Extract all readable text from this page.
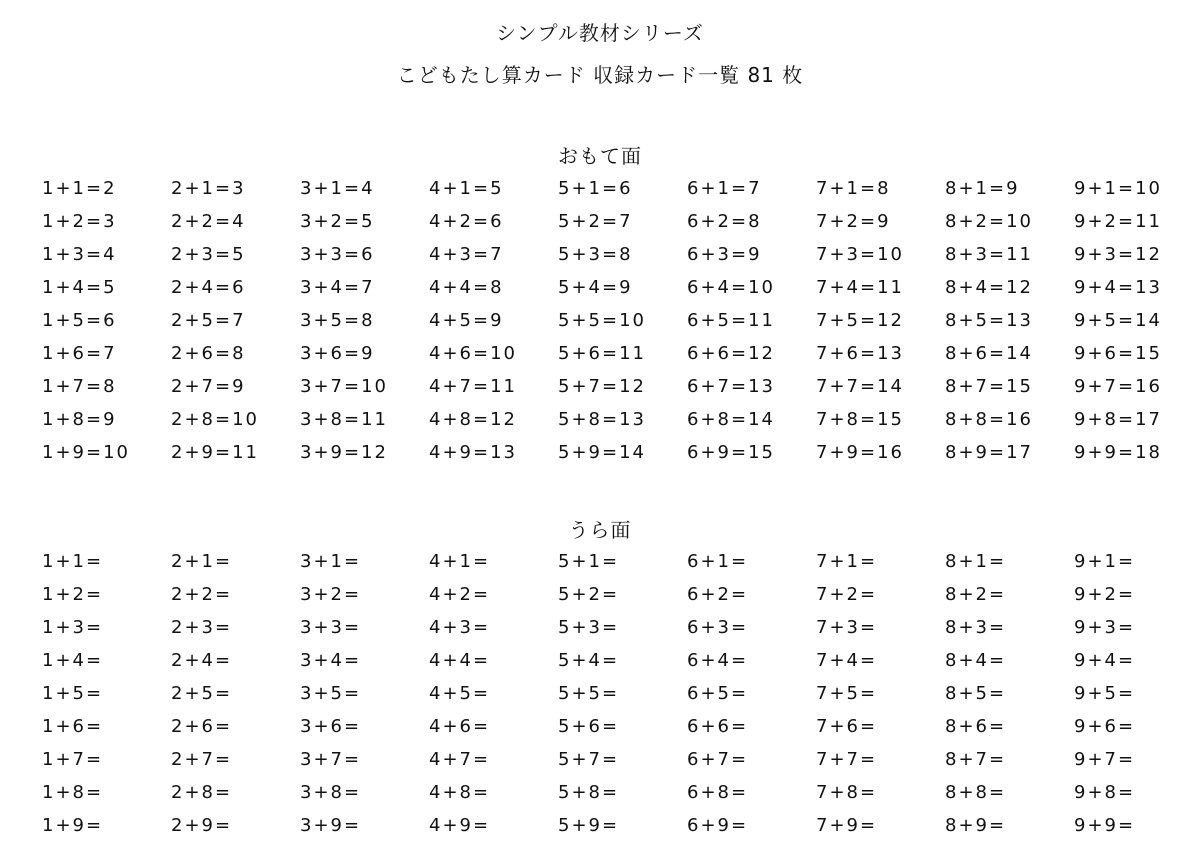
シンプル教材シリーズ
こどもたし算カード 収録カード一覧 81 枚
おもて面
1+1=2	2+1=3	3+1=4	4+1=5	5+1=6	6+1=7	7+1=8	8+1=9	9+1=10
1+2=3	2+2=4	3+2=5	4+2=6	5+2=7	6+2=8	7+2=9	8+2=10	9+2=11
1+3=4	2+3=5	3+3=6	4+3=7	5+3=8	6+3=9	7+3=10	8+3=11	9+3=12
1+4=5	2+4=6	3+4=7	4+4=8	5+4=9	6+4=10	7+4=11	8+4=12	9+4=13
1+5=6	2+5=7	3+5=8	4+5=9	5+5=10	6+5=11	7+5=12	8+5=13	9+5=14
1+6=7	2+6=8	3+6=9	4+6=10	5+6=11	6+6=12	7+6=13	8+6=14	9+6=15
1+7=8	2+7=9	3+7=10	4+7=11	5+7=12	6+7=13	7+7=14	8+7=15	9+7=16
1+8=9	2+8=10	3+8=11	4+8=12	5+8=13	6+8=14	7+8=15	8+8=16	9+8=17
1+9=10	2+9=11	3+9=12	4+9=13	5+9=14	6+9=15	7+9=16	8+9=17	9+9=18
うら面
1+1=	2+1=	3+1=	4+1=	5+1=	6+1=	7+1=	8+1=	9+1=
1+2=	2+2=	3+2=	4+2=	5+2=	6+2=	7+2=	8+2=	9+2=
1+3=	2+3=	3+3=	4+3=	5+3=	6+3=	7+3=	8+3=	9+3=
1+4=	2+4=	3+4=	4+4=	5+4=	6+4=	7+4=	8+4=	9+4=
1+5=	2+5=	3+5=	4+5=	5+5=	6+5=	7+5=	8+5=	9+5=
1+6=	2+6=	3+6=	4+6=	5+6=	6+6=	7+6=	8+6=	9+6=
1+7=	2+7=	3+7=	4+7=	5+7=	6+7=	7+7=	8+7=	9+7=
1+8=	2+8=	3+8=	4+8=	5+8=	6+8=	7+8=	8+8=	9+8=
1+9=	2+9=	3+9=	4+9=	5+9=	6+9=	7+9=	8+9=	9+9=
